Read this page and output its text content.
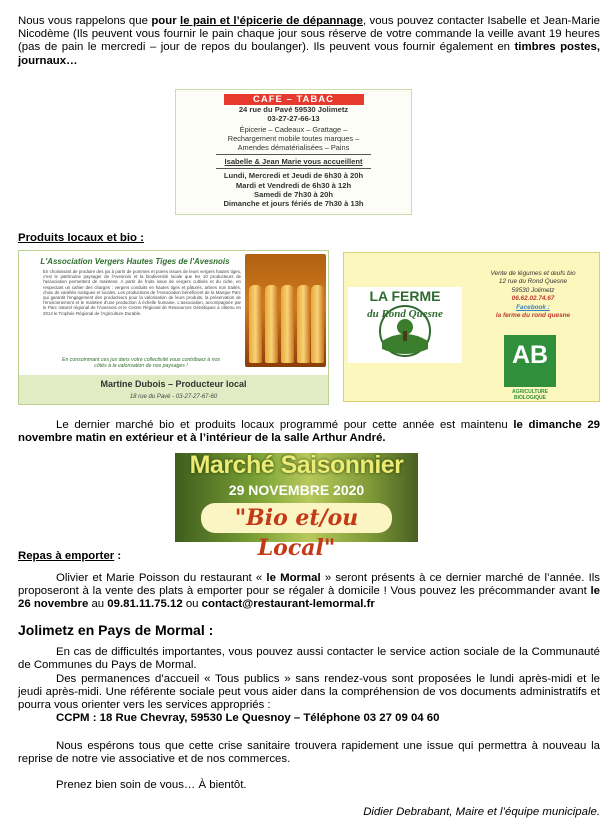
Nous vous rappelons que pour le pain et l’épicerie de dépannage, vous pouvez contacter Isabelle et Jean-Marie Nicodème (Ils peuvent vous fournir le pain chaque jour sous réserve de votre commande la veille avant 19 heures (pas de pain le mercredi – jour de repos du boulanger). Ils peuvent vous fournir également en timbres postes, journaux…

CAFE – TABAC
24 rue du Pavé 59530 Jolimetz
03-27-27-66-13
Épicerie – Cadeaux – Grattage –
Rechargement mobile toutes marques –
Amendes dématérialisées – Pains
Isabelle & Jean Marie vous accueillent
Lundi, Mercredi et Jeudi de 6h30 à 20h
Mardi et Vendredi de 6h30 à 12h
Samedi de 7h30 à 20h
Dimanche et jours fériés de 7h30 à 13h
Produits locaux et bio :
L'Association Vergers Hautes Tiges de l'Avesnois
En choisissant de produire des jus à partir de pommes et poires issues de leurs vergers hautes tiges, c'est le patrimoine paysager de l'Avesnois et la biodiversité locale que les 10 producteurs de l'association permettent de maintenir. A partir de fruits issus de vergers cultivés et du cidre, en respectant un cahier des charges : vergers conduits en hautes tiges et pâturés, arbres non traités, choix de variétés rustiques et locales. Les productions de l'Association bénéficient de la Marque Parc qui garantit l'engagement des producteurs pour la valorisation de leurs produits, la préservation de l'environnement et le maintien d'une production à échelle humaine. L'association, accompagnée par le Parc naturel régional de l'Avesnois et le Centre Régional de Ressources Génétiques a obtenu en 2014 le Trophée Régional de l'Agriculture Durable.
En consommant ces jus dans votre collectivité vous contribuez à nos côtés à la valorisation de nos paysages !
Martine Dubois – Producteur local
18 rue du Pavé - 03-27-27-67-60
LA FERME
du Rond Quesne
Vente de légumes et œufs bio
12 rue du Rond Quesne
59530 Jolimetz
06.62.02.74.67
Facebook :
la ferme du rond quesne
AB
AGRICULTURE
BIOLOGIQUE

Le dernier marché bio et produits locaux programmé pour cette année est maintenu le dimanche 29 novembre matin en extérieur et à l’intérieur de la salle Arthur André.

Marché Saisonnier
29 NOVEMBRE 2020
"Bio et/ou Local"
Repas à emporter :

Olivier et Marie Poisson du restaurant « le Mormal » seront présents à ce dernier marché de l’année. Ils proposeront à la vente des plats à emporter pour se régaler à domicile ! Vous pouvez les précommander avant le 26 novembre au 09.81.11.75.12 ou contact@restaurant-lemormal.fr

Jolimetz en Pays de Mormal :

En cas de difficultés importantes, vous pouvez aussi contacter le service action sociale de la Communauté de Communes du Pays de Mormal.

Des permanences d’accueil « Tous publics » sans rendez-vous sont proposées le lundi après-midi et le jeudi après-midi. Une référente sociale peut vous aider dans la compréhension de vos documents administratifs et pourra vous orienter vers les services appropriés :

CCPM : 18 Rue Chevray, 59530 Le Quesnoy – Téléphone 03 27 09 04 60

Nous espérons tous que cette crise sanitaire trouvera rapidement une issue qui permettra à nouveau la reprise de notre vie associative et de nos commerces.

Prenez bien soin de vous… À bientôt.

Didier Debrabant, Maire et l’équipe municipale.
